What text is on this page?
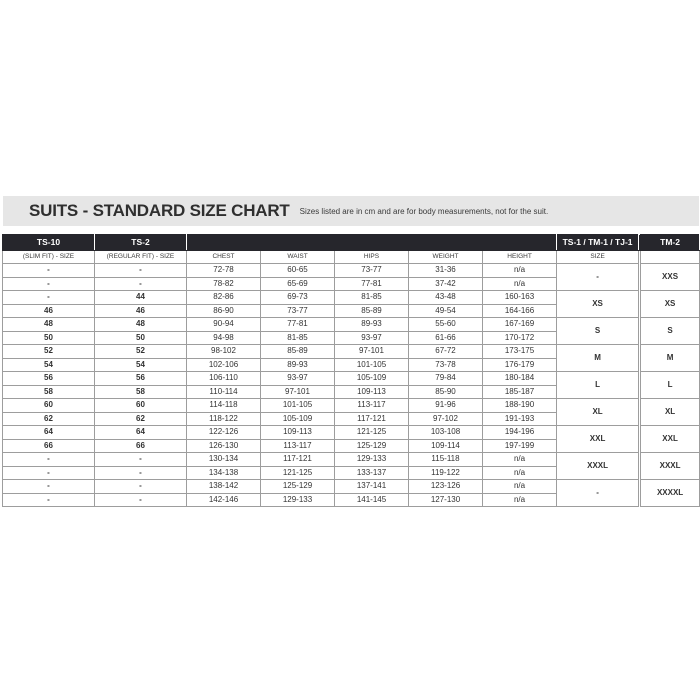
SUITS - STANDARD SIZE CHART Sizes listed are in cm and are for body measurements, not for the suit.
TS-10	TS-2						TS-1 / TM-1 / TJ-1		TM-2
(SLIM FIT) - SIZE	(REGULAR FIT) - SIZE	CHEST	WAIST	HIPS	WEIGHT	HEIGHT	SIZE		
-	-	72-78	60-65	73-77	31-36	n/a	-		XXS
-	-	78-82	65-69	77-81	37-42	n/a			
-	44	82-86	69-73	81-85	43-48	160-163	XS		XS
46	46	86-90	73-77	85-89	49-54	164-166			
48	48	90-94	77-81	89-93	55-60	167-169	S		S
50	50	94-98	81-85	93-97	61-66	170-172			
52	52	98-102	85-89	97-101	67-72	173-175	M		M
54	54	102-106	89-93	101-105	73-78	176-179			
56	56	106-110	93-97	105-109	79-84	180-184	L		L
58	58	110-114	97-101	109-113	85-90	185-187			
60	60	114-118	101-105	113-117	91-96	188-190	XL		XL
62	62	118-122	105-109	117-121	97-102	191-193			
64	64	122-126	109-113	121-125	103-108	194-196	XXL		XXL
66	66	126-130	113-117	125-129	109-114	197-199			
-	-	130-134	117-121	129-133	115-118	n/a	XXXL		XXXL
-	-	134-138	121-125	133-137	119-122	n/a			
-	-	138-142	125-129	137-141	123-126	n/a	-		XXXXL
-	-	142-146	129-133	141-145	127-130	n/a			
